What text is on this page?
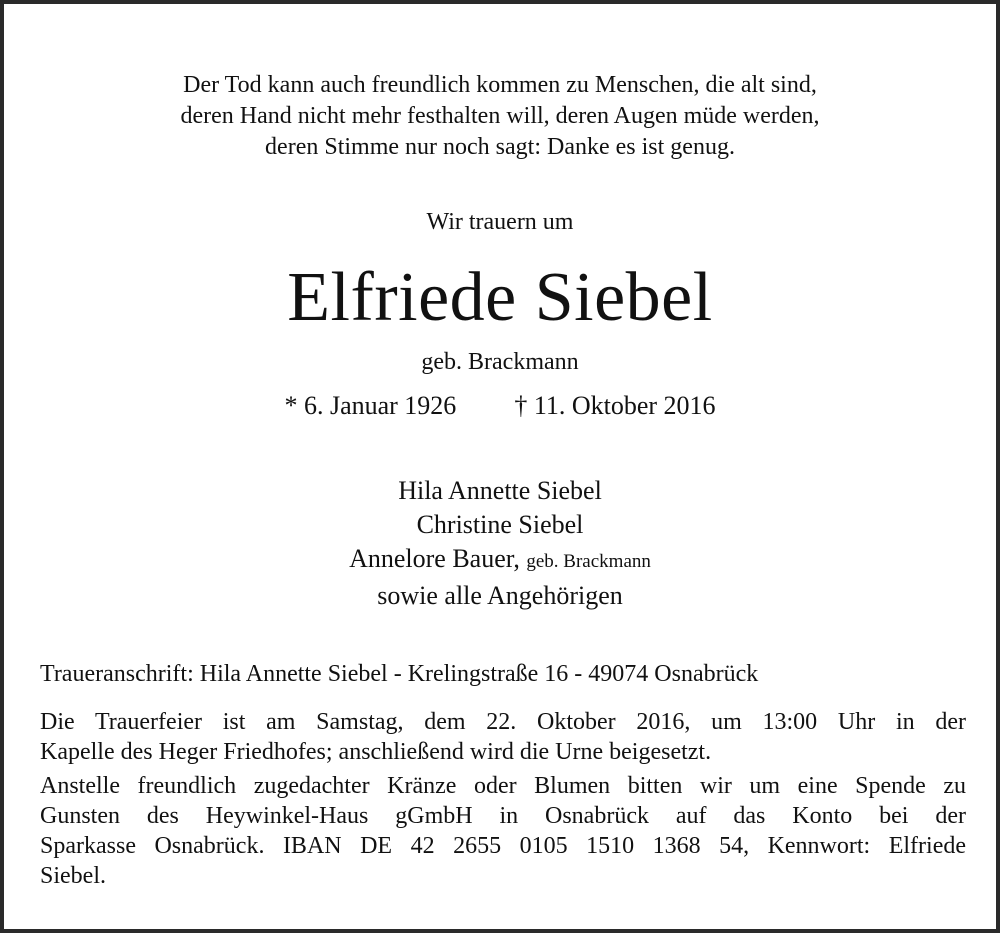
Der Tod kann auch freundlich kommen zu Menschen, die alt sind,
deren Hand nicht mehr festhalten will, deren Augen müde werden,
deren Stimme nur noch sagt: Danke es ist genug.
Wir trauern um
Elfriede Siebel
geb. Brackmann
* 6. Januar 1926 † 11. Oktober 2016
Hila Annette Siebel
Christine Siebel
Annelore Bauer, geb. Brackmann
sowie alle Angehörigen
Traueranschrift: Hila Annette Siebel - Krelingstraße 16 - 49074 Osnabrück
Die Trauerfeier ist am Samstag, dem 22. Oktober 2016, um 13:00 Uhr in der
Kapelle des Heger Friedhofes; anschließend wird die Urne beigesetzt.
Anstelle freundlich zugedachter Kränze oder Blumen bitten wir um eine Spende zu
Gunsten des Heywinkel-Haus gGmbH in Osnabrück auf das Konto bei der
Sparkasse Osnabrück. IBAN DE 42 2655 0105 1510 1368 54, Kennwort: Elfriede
Siebel.
